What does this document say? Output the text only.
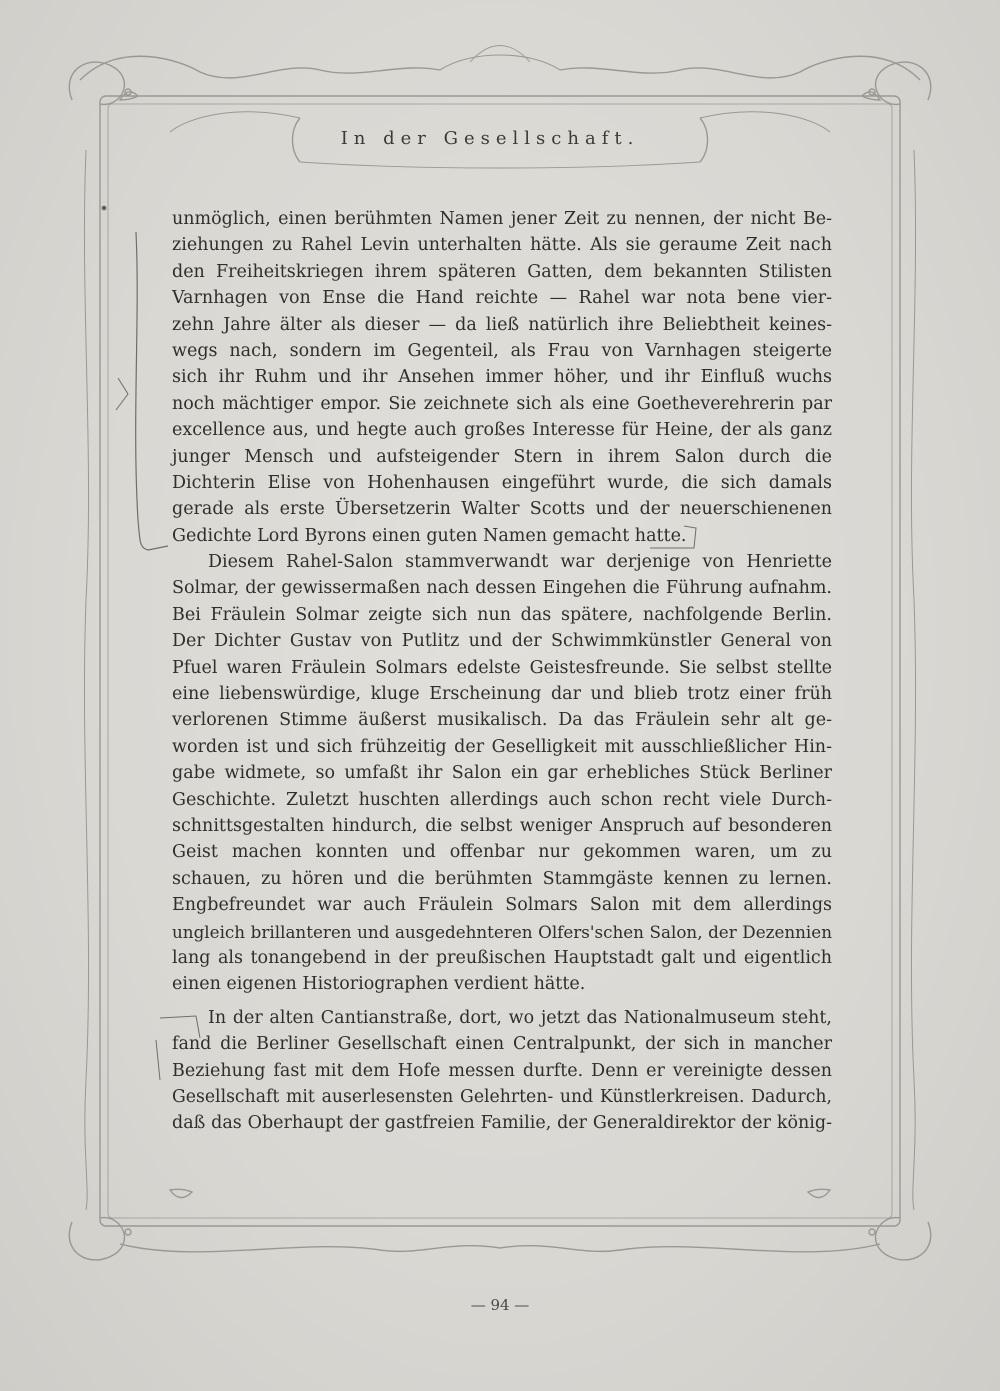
In der Gesellschaft.
unmöglich, einen berühmten Namen jener Zeit zu nennen, der nicht Be-
ziehungen zu Rahel Levin unterhalten hätte. Als sie geraume Zeit nach
den Freiheitskriegen ihrem späteren Gatten, dem bekannten Stilisten
Varnhagen von Ense die Hand reichte — Rahel war nota bene vier-
zehn Jahre älter als dieser — da ließ natürlich ihre Beliebtheit keines-
wegs nach, sondern im Gegenteil, als Frau von Varnhagen steigerte
sich ihr Ruhm und ihr Ansehen immer höher, und ihr Einfluß wuchs
noch mächtiger empor. Sie zeichnete sich als eine Goetheverehrerin par
excellence aus, und hegte auch großes Interesse für Heine, der als ganz
junger Mensch und aufsteigender Stern in ihrem Salon durch die
Dichterin Elise von Hohenhausen eingeführt wurde, die sich damals
gerade als erste Übersetzerin Walter Scotts und der neuerschienenen
Gedichte Lord Byrons einen guten Namen gemacht hatte.
Diesem Rahel-Salon stammverwandt war derjenige von Henriette
Solmar, der gewissermaßen nach dessen Eingehen die Führung aufnahm.
Bei Fräulein Solmar zeigte sich nun das spätere, nachfolgende Berlin.
Der Dichter Gustav von Putlitz und der Schwimmkünstler General von
Pfuel waren Fräulein Solmars edelste Geistesfreunde. Sie selbst stellte
eine liebenswürdige, kluge Erscheinung dar und blieb trotz einer früh
verlorenen Stimme äußerst musikalisch. Da das Fräulein sehr alt ge-
worden ist und sich frühzeitig der Geselligkeit mit ausschließlicher Hin-
gabe widmete, so umfaßt ihr Salon ein gar erhebliches Stück Berliner
Geschichte. Zuletzt huschten allerdings auch schon recht viele Durch-
schnittsgestalten hindurch, die selbst weniger Anspruch auf besonderen
Geist machen konnten und offenbar nur gekommen waren, um zu
schauen, zu hören und die berühmten Stammgäste kennen zu lernen.
Engbefreundet war auch Fräulein Solmars Salon mit dem allerdings
ungleich brillanteren und ausgedehnteren Olfers'schen Salon, der Dezennien
lang als tonangebend in der preußischen Hauptstadt galt und eigentlich
einen eigenen Historiographen verdient hätte.
In der alten Cantianstraße, dort, wo jetzt das Nationalmuseum steht,
fand die Berliner Gesellschaft einen Centralpunkt, der sich in mancher
Beziehung fast mit dem Hofe messen durfte. Denn er vereinigte dessen
Gesellschaft mit auserlesensten Gelehrten- und Künstlerkreisen. Dadurch,
daß das Oberhaupt der gastfreien Familie, der Generaldirektor der könig-
— 94 —
